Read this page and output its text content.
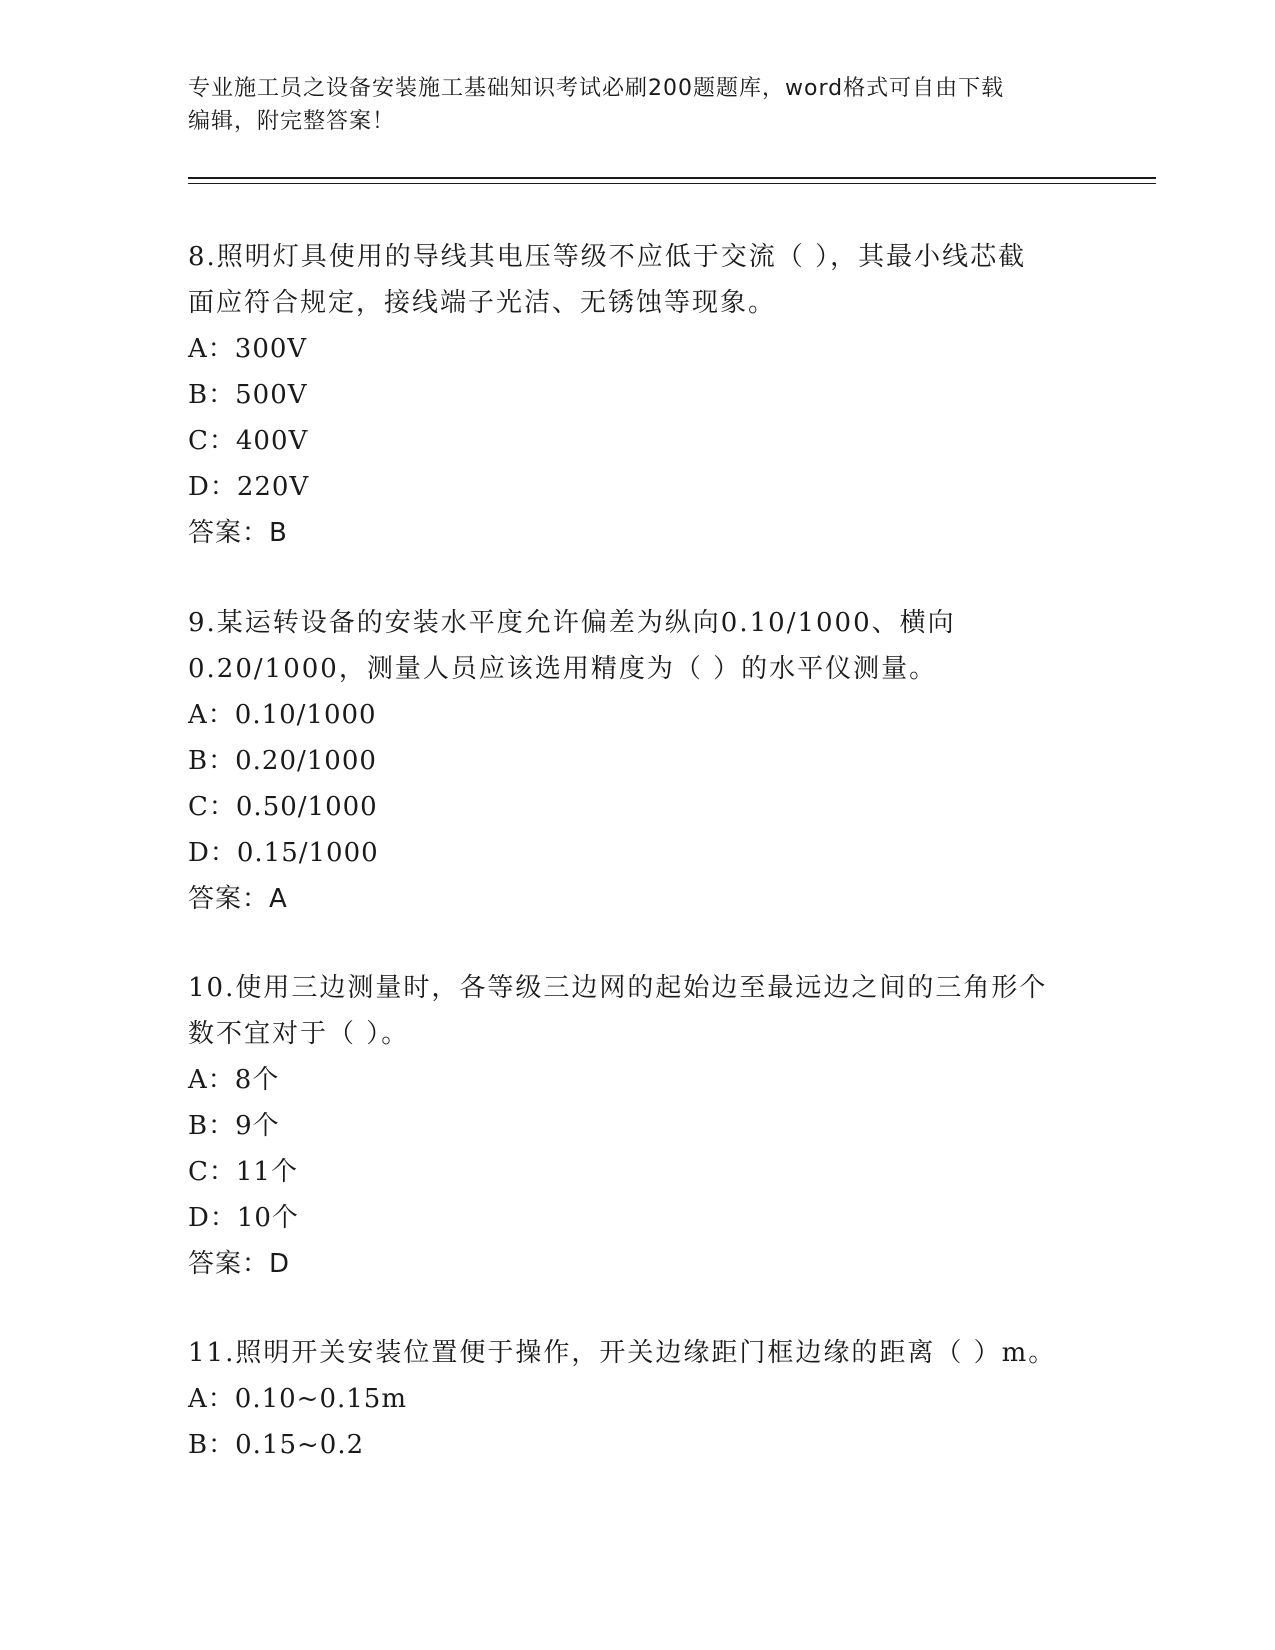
专业施工员之设备安装施工基础知识考试必刷200题题库，word格式可自由下载
编辑，附完整答案！

8.照明灯具使用的导线其电压等级不应低于交流（ ），其最小线芯截

面应符合规定，接线端子光洁、无锈蚀等现象。

A：300V

B：500V

C：400V

D：220V

答案：B

9.某运转设备的安装水平度允许偏差为纵向0.10/1000、横向

0.20/1000，测量人员应该选用精度为（ ）的水平仪测量。

A：0.10/1000

B：0.20/1000

C：0.50/1000

D：0.15/1000

答案：A

10.使用三边测量时，各等级三边网的起始边至最远边之间的三角形个

数不宜对于（ ）。

A：8个

B：9个

C：11个

D：10个

答案：D

11.照明开关安装位置便于操作，开关边缘距门框边缘的距离（ ）m。

A：0.10~0.15m

B：0.15~0.2
